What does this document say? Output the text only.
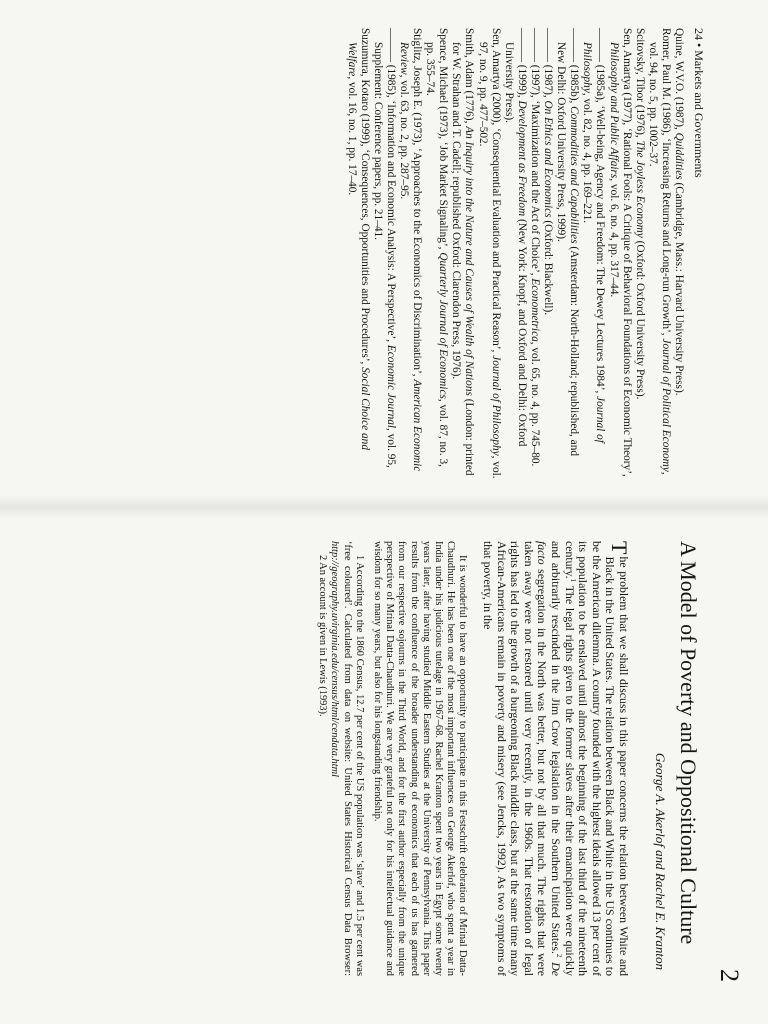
24 • Markets and Governments

Quine, W.V.O. (1987), Quiddities (Cambridge, Mass.: Harvard University Press).

Romer, Paul M. (1986), ‘Increasing Returns and Long-run Growth’, Journal of Political Economy, vol. 94, no. 5, pp. 1002–37.

Scitovsky, Tibor (1976), The Joyless Economy (Oxford: Oxford University Press).

Sen, Amartya (1977), ‘Rational Fools: A Critique of Behavioral Foundations of Economic Theory’, Philosophy and Public Affairs, vol. 6, no. 4, pp. 317–44.

——— (1985a), ‘Well-being, Agency and Freedom: The Dewey Lectures 1984’, Journal of Philosophy, vol. 82, no. 4, pp. 169–221.

——— (1985b), Commodities and Capabilities (Amsterdam: North-Holland; republished, and New Delhi: Oxford University Press, 1999).

——— (1987), On Ethics and Economics (Oxford: Blackwell).

——— (1997), ‘Maximization and the Act of Choice’, Econometrica, vol. 65, no. 4, pp. 745–80.

——— (1999), Development as Freedom (New York: Knopf, and Oxford and Delhi: Oxford University Press).

Sen, Amartya (2000), ‘Consequential Evaluation and Practical Reason’, Journal of Philosophy, vol. 97, no. 9, pp. 477–502.

Smith, Adam (1776), An Inquiry into the Nature and Causes of Wealth of Nations (London: printed for W. Strahan and T. Cadell; republished Oxford: Clarendon Press, 1976).

Spence, Michael (1973), ‘Job Market Signaling’, Quarterly Journal of Economics, vol. 87, no. 3, pp. 355–74.

Stiglitz, Joseph E. (1973), ‘Approaches to the Economics of Discrimination’, American Economic Review, vol. 63, no. 2, pp. 287–95.

——— (1985), ‘Information and Economic Analysis: A Perspective’, Economic Journal, vol. 95, Supplement: Conference papers, pp. 21–41.

Suzumura, Kotaro (1999), ‘Consequences, Opportunities and Procedures’, Social Choice and Welfare, vol. 16, no. 1, pp. 17–40.

2
A Model of Poverty and Oppositional Culture
George A. Akerlof and Rachel E. Kranton

T
he problem that we shall discuss in this paper concerns the relation between White and Black in the United States. The relation between Black and White in the US continues to be the American dilemma. A country founded with the highest ideals allowed 13 per cent of its population to be enslaved until almost the beginning of the last third of the nineteenth century.$^1$ The legal rights given to the former slaves after their emancipation were quickly and arbitrarily rescinded in the Jim Crow legislation in the Southern United States.$^2$ De facto segregation in the North was better, but not by all that much. The rights that were taken away were not restored until very recently, in the 1960s. That restoration of legal rights has led to the growth of a burgeoning Black middle class, but at the same time many African-Americans remain in poverty and misery (see Jencks, 1992). As two symptoms of that poverty, in the

It is wonderful to have an opportunity to participate in this Festschrift celebration of Mrinal Datta-Chaudhuri. He has been one of the most important influences on George Akerlof, who spent a year in India under his judicious tutelage in 1967–68. Rachel Kranton spent two years in Egypt some twenty years later, after having studied Middle Eastern Studies at the University of Pennsylvania. This paper results from the confluence of the broader understanding of economics that each of us has garnered from our respective sojourns in the Third World, and for the first author especially from the unique perspective of Mrinal Datta-Chaudhuri. We are very grateful not only for his intellectual guidance and wisdom for so many years, but also for his longstanding friendship.

1 According to the 1860 Census, 12.7 per cent of the US population was ‘slave’ and 1.5 per cent was ‘free coloured’. Calculated from data on website: United States Historical Census Data Browser: http://geography.uvirginia.edu/census/html/cendata.html

2 An account is given in Lewis (1993).
